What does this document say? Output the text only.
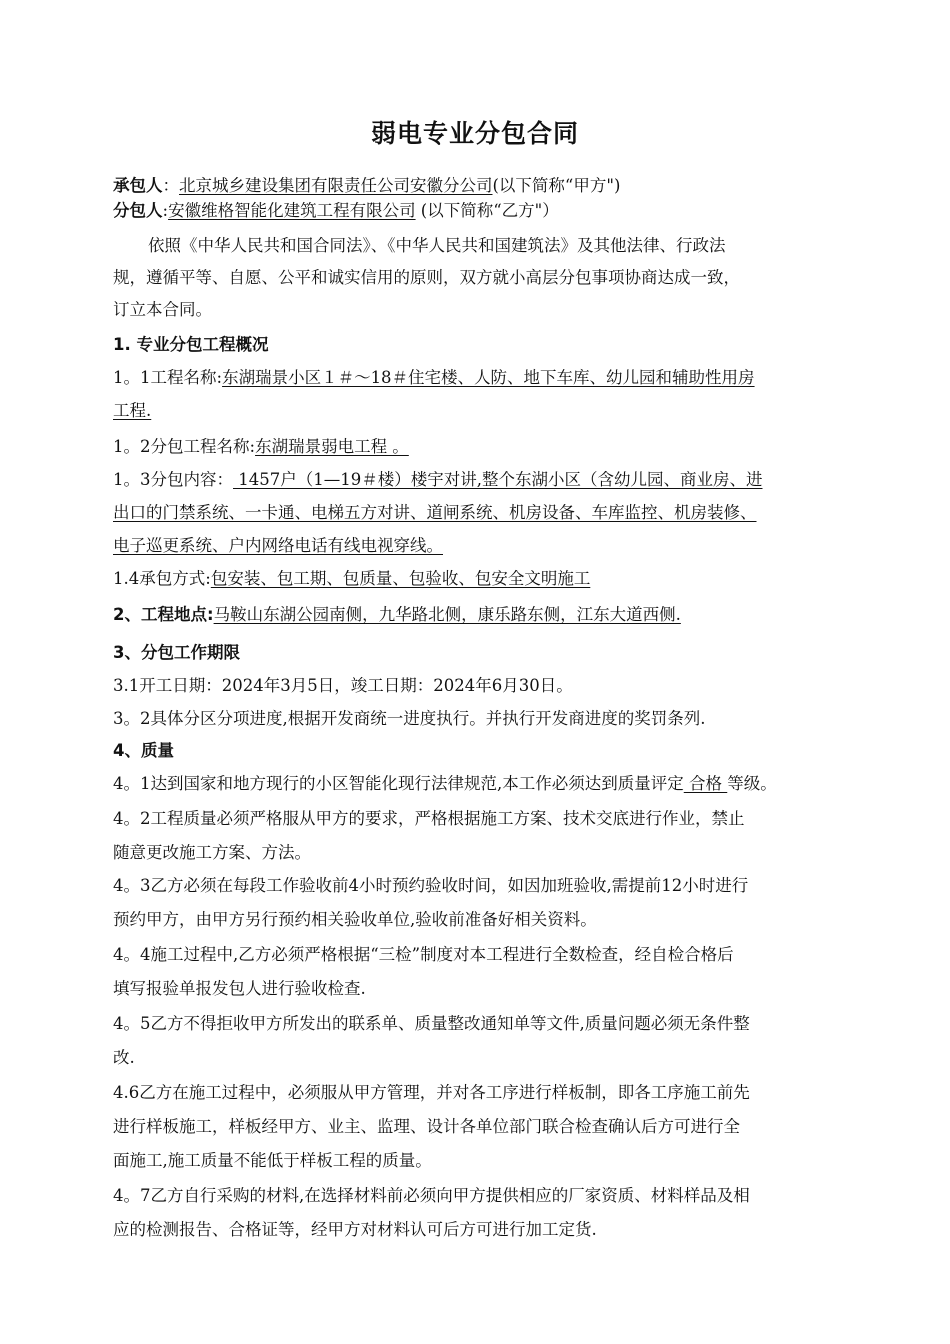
弱电专业分包合同
承包人：北京城乡建设集团有限责任公司安徽分公司(以下简称“甲方")
分包人:安徽维格智能化建筑工程有限公司 (以下简称“乙方"）
依照《中华人民共和国合同法》、《中华人民共和国建筑法》及其他法律、行政法
规，遵循平等、自愿、公平和诚实信用的原则，双方就小高层分包事项协商达成一致，
订立本合同。
1. 专业分包工程概况
1。1工程名称:东湖瑞景小区１＃～18＃住宅楼、人防、地下车库、幼儿园和辅助性用房
工程.
1。2分包工程名称:东湖瑞景弱电工程 。
1。3分包内容： 1457户（1—19＃楼）楼宇对讲,整个东湖小区（含幼儿园、商业房、进
出口的门禁系统、一卡通、电梯五方对讲、道闸系统、机房设备、车库监控、机房装修、
电子巡更系统、户内网络电话有线电视穿线。
1.4承包方式:包安装、包工期、包质量、包验收、包安全文明施工
2、工程地点:马鞍山东湖公园南侧，九华路北侧，康乐路东侧，江东大道西侧.
3、分包工作期限
3.1开工日期：2024年3月5日，竣工日期：2024年6月30日。
3。2具体分区分项进度,根据开发商统一进度执行。并执行开发商进度的奖罚条列.
4、质量
4。1达到国家和地方现行的小区智能化现行法律规范,本工作必须达到质量评定 合格 等级。
4。2工程质量必须严格服从甲方的要求，严格根据施工方案、技术交底进行作业，禁止
随意更改施工方案、方法。
4。3乙方必须在每段工作验收前4小时预约验收时间，如因加班验收,需提前12小时进行
预约甲方，由甲方另行预约相关验收单位,验收前准备好相关资料。
4。4施工过程中,乙方必须严格根据“三检”制度对本工程进行全数检查，经自检合格后
填写报验单报发包人进行验收检查.
4。5乙方不得拒收甲方所发出的联系单、质量整改通知单等文件,质量问题必须无条件整
改.
4.6乙方在施工过程中，必须服从甲方管理，并对各工序进行样板制，即各工序施工前先
进行样板施工，样板经甲方、业主、监理、设计各单位部门联合检查确认后方可进行全
面施工,施工质量不能低于样板工程的质量。
4。7乙方自行采购的材料,在选择材料前必须向甲方提供相应的厂家资质、材料样品及相
应的检测报告、合格证等，经甲方对材料认可后方可进行加工定货.
